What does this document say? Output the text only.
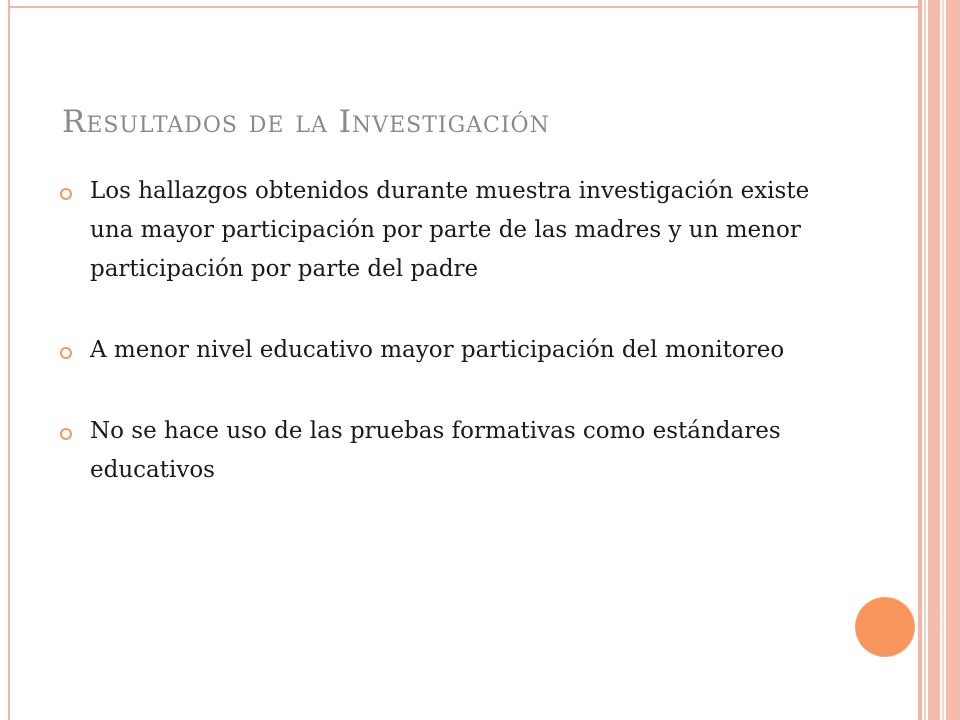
Resultados de la Investigación
Los hallazgos obtenidos durante muestra investigación existe una mayor participación por parte de las madres y un menor participación por parte del padre
A menor nivel educativo mayor participación del monitoreo
No se hace uso de las pruebas formativas como estándares educativos
